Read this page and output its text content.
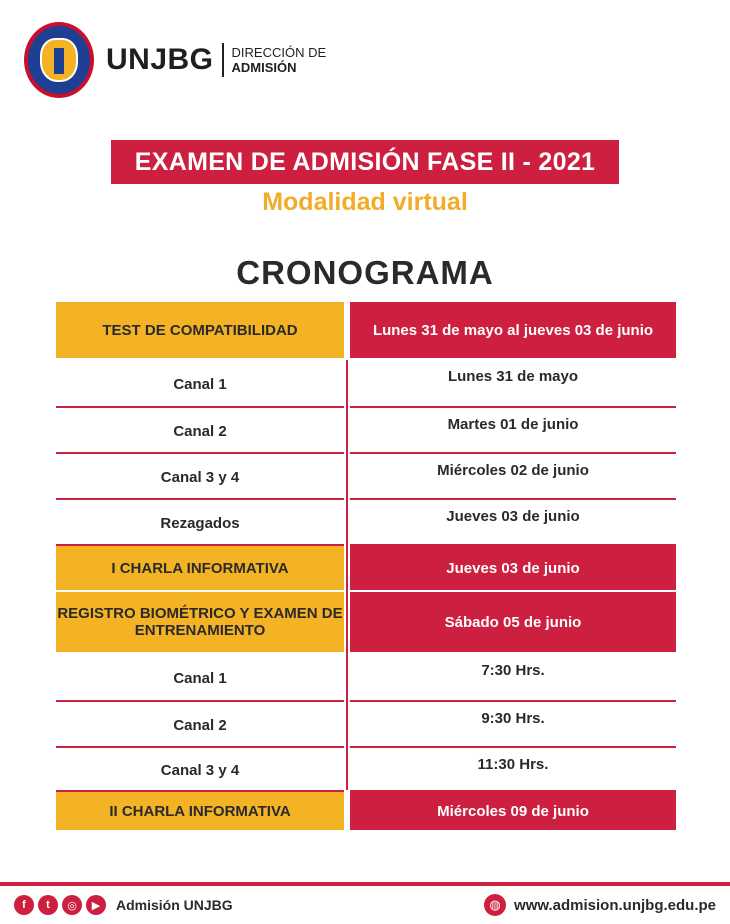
UNJBG DIRECCIÓN DE
ADMISIÓN
EXAMEN DE ADMISIÓN FASE II - 2021
Modalidad virtual
CRONOGRAMA
TEST DE COMPATIBILIDAD	Lunes 31 de mayo al jueves 03 de junio
Canal 1	Lunes 31 de mayo
Canal 2	Martes 01 de junio
Canal 3 y 4	Miércoles 02 de junio
Rezagados	Jueves 03 de junio
I CHARLA INFORMATIVA	Jueves 03 de junio
REGISTRO BIOMÉTRICO Y EXAMEN DE ENTRENAMIENTO	Sábado 05 de junio
Canal 1	7:30 Hrs.
Canal 2	9:30 Hrs.
Canal 3 y 4	11:30 Hrs.
II CHARLA INFORMATIVA	Miércoles 09 de junio
f	t	◎	▶	Admisión UNJBG	◍ www.admision.unjbg.edu.pe
